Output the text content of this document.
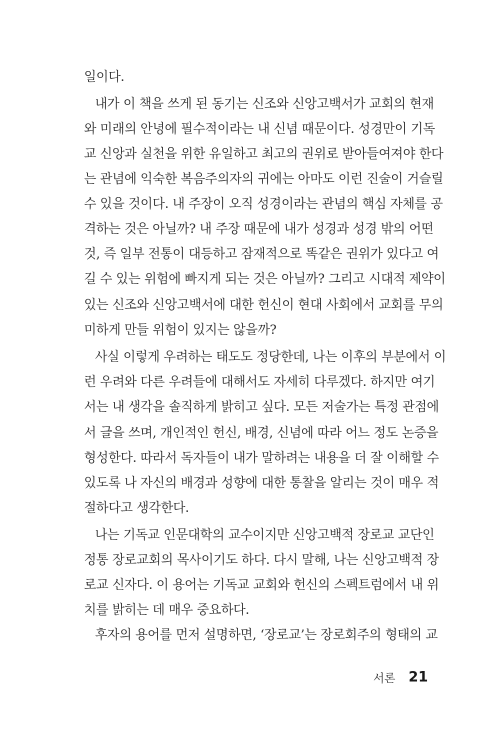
일이다.
내가 이 책을 쓰게 된 동기는 신조와 신앙고백서가 교회의 현재
와 미래의 안녕에 필수적이라는 내 신념 때문이다. 성경만이 기독
교 신앙과 실천을 위한 유일하고 최고의 권위로 받아들여져야 한다
는 관념에 익숙한 복음주의자의 귀에는 아마도 이런 진술이 거슬릴
수 있을 것이다. 내 주장이 오직 성경이라는 관념의 핵심 자체를 공
격하는 것은 아닐까? 내 주장 때문에 내가 성경과 성경 밖의 어떤
것, 즉 일부 전통이 대등하고 잠재적으로 똑같은 권위가 있다고 여
길 수 있는 위험에 빠지게 되는 것은 아닐까? 그리고 시대적 제약이
있는 신조와 신앙고백서에 대한 헌신이 현대 사회에서 교회를 무의
미하게 만들 위험이 있지는 않을까?
사실 이렇게 우려하는 태도도 정당한데, 나는 이후의 부분에서 이
런 우려와 다른 우려들에 대해서도 자세히 다루겠다. 하지만 여기
서는 내 생각을 솔직하게 밝히고 싶다. 모든 저술가는 특정 관점에
서 글을 쓰며, 개인적인 헌신, 배경, 신념에 따라 어느 정도 논증을
형성한다. 따라서 독자들이 내가 말하려는 내용을 더 잘 이해할 수
있도록 나 자신의 배경과 성향에 대한 통찰을 알리는 것이 매우 적
절하다고 생각한다.
나는 기독교 인문대학의 교수이지만 신앙고백적 장로교 교단인
정통 장로교회의 목사이기도 하다. 다시 말해, 나는 신앙고백적 장
로교 신자다. 이 용어는 기독교 교회와 헌신의 스펙트럼에서 내 위
치를 밝히는 데 매우 중요하다.
후자의 용어를 먼저 설명하면, ‘장로교’는 장로회주의 형태의 교
서론 21
